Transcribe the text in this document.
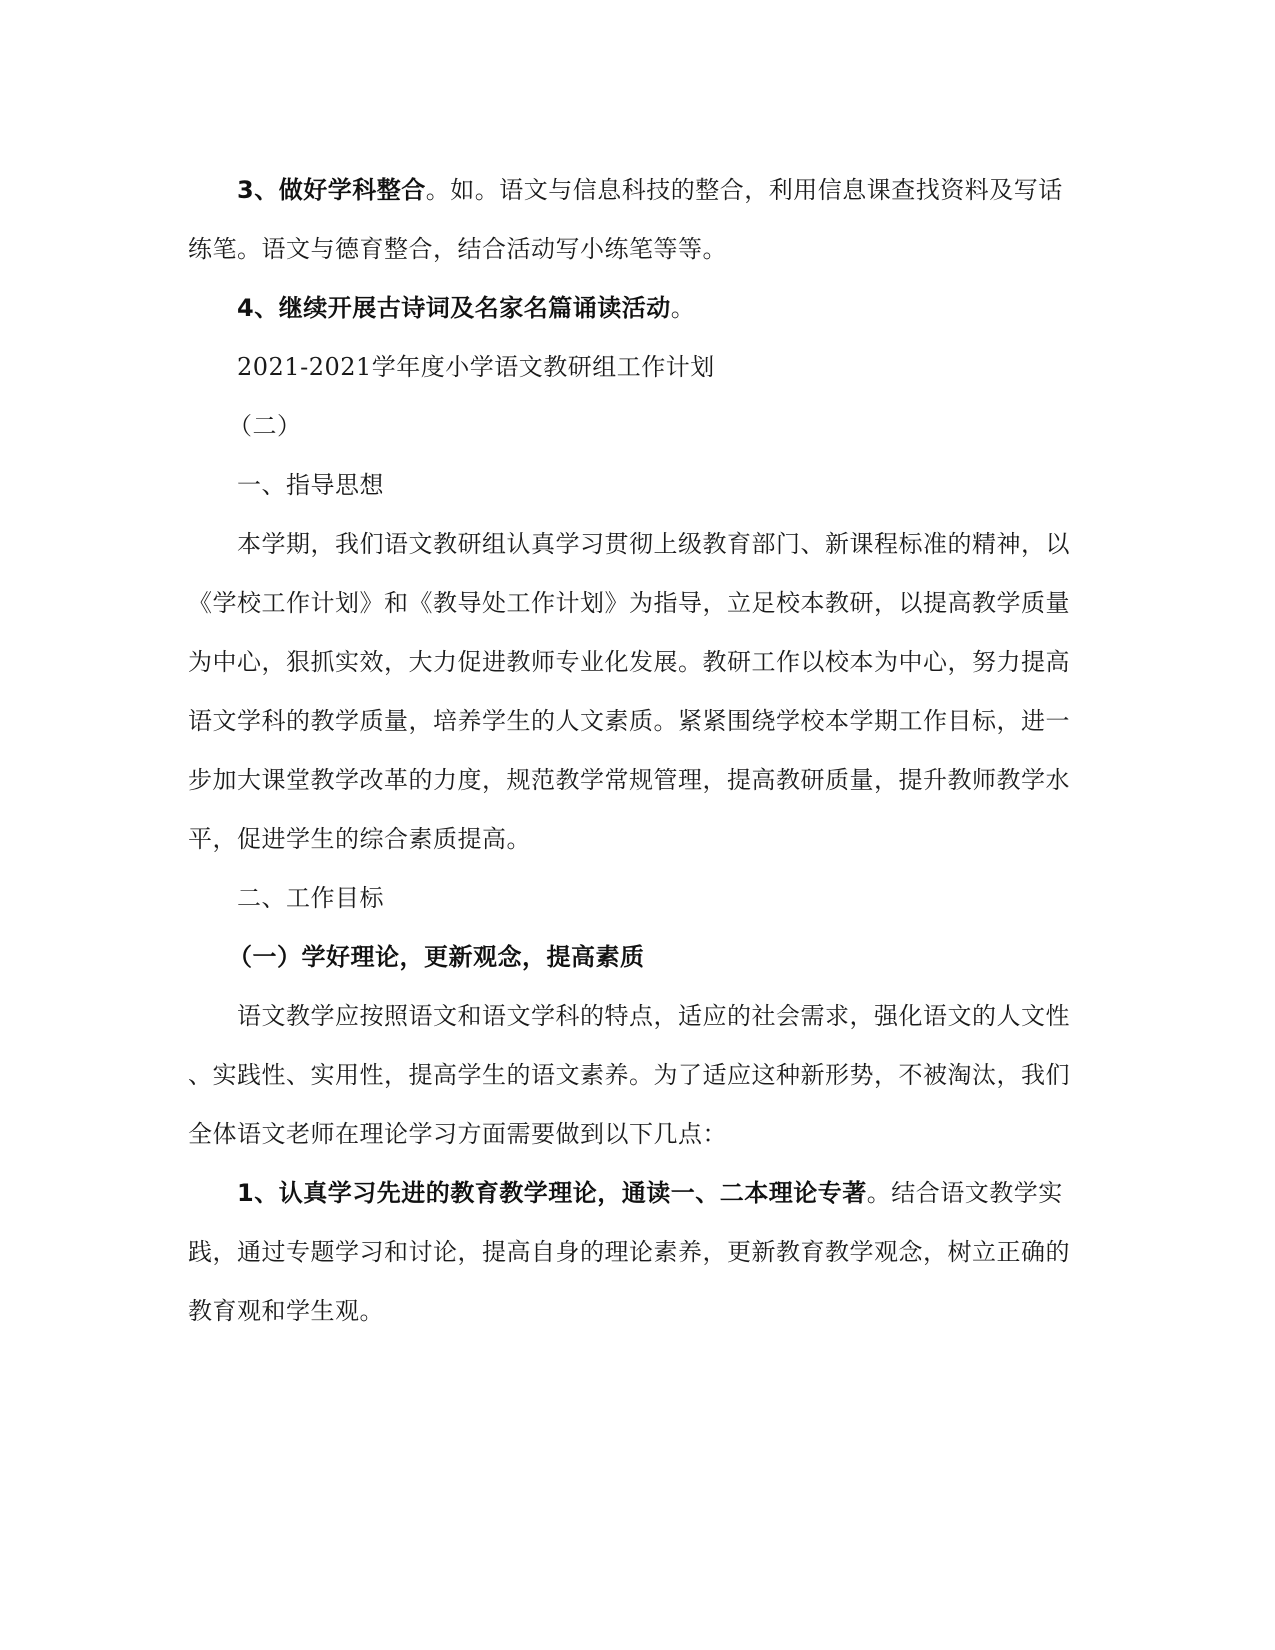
3、做好学科整合。如。语文与信息科技的整合，利用信息课查找资料及写话
练笔。语文与德育整合，结合活动写小练笔等等。
4、继续开展古诗词及名家名篇诵读活动。
2021-2021学年度小学语文教研组工作计划
（二）
一、指导思想
本学期，我们语文教研组认真学习贯彻上级教育部门、新课程标准的精神，以
《学校工作计划》和《教导处工作计划》为指导，立足校本教研，以提高教学质量
为中心，狠抓实效，大力促进教师专业化发展。教研工作以校本为中心，努力提高
语文学科的教学质量，培养学生的人文素质。紧紧围绕学校本学期工作目标，进一
步加大课堂教学改革的力度，规范教学常规管理，提高教研质量，提升教师教学水
平，促进学生的综合素质提高。
二、工作目标
（一）学好理论，更新观念，提高素质
语文教学应按照语文和语文学科的特点，适应的社会需求，强化语文的人文性
、实践性、实用性，提高学生的语文素养。为了适应这种新形势，不被淘汰，我们
全体语文老师在理论学习方面需要做到以下几点：
1、认真学习先进的教育教学理论，通读一、二本理论专著。结合语文教学实
践，通过专题学习和讨论，提高自身的理论素养，更新教育教学观念，树立正确的
教育观和学生观。
